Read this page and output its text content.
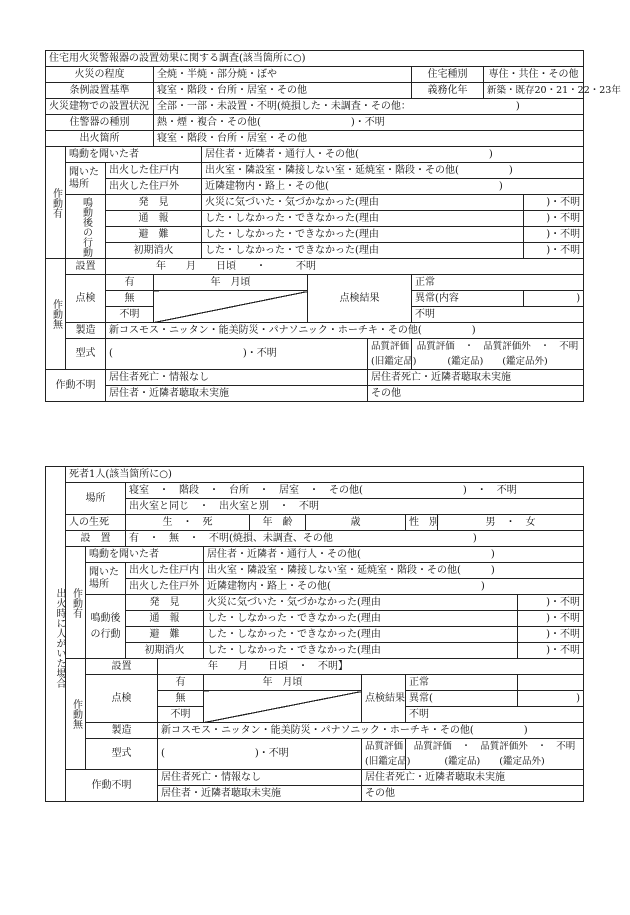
住宅用火災警報器の設置効果に関する調査(該当箇所に○)									
火災の程度			全焼・半焼・部分焼・ぼや				住宅種別	専住・共住・その他	
条例設置基準			寝室・階段・台所・居室・その他				義務化年	新築・既存20・21・22・23年	
火災建物での設置状況			全部・一部・未設置・不明(焼損した・未調査・その他：　　　　　　　　　　　)						
住警器の種別			熱・煙・複合・その他(　　　　　　　　　)・不明						
出火箇所			寝室・階段・台所・居室・その他						
作動有	鳴動を聞いた者			居住者・近隣者・通行人・その他(　　　　　　　　　　　　　)					
	聞いた場所	出火した住戸内		出火室・隣設室・隣接しない室・延焼室・階段・その他(　　　　　)					
		出火した住戸外		近隣建物内・路上・その他(　　　　　　　　　　　　　　　　　)					
	鳴動後の行動	発　見		火災に気づいた・気づかなかった(理由					)・不明
		通　報		した・しなかった・できなかった(理由					)・不明
		避　難		した・しなかった・できなかった(理由					)・不明
		初期消火		した・しなかった・できなかった(理由					)・不明
作動無	設置	年　　月　　日頃　　・　　　不明							
	点検	有	年　月頃		点検結果		正常		
		無					異常(内容		)
		不明					不明		
	製造	新コスモス・ニッタン・能美防災・パナソニック・ホーチキ・その他(　　　　　)							
	型式	(　　　　　　　　　　　　　)・不明				品質評価	品質評価　・　品質評価外　・　不明		
						(旧鑑定品)	(鑑定品)　　(鑑定品外)		
作動不明		居住者死亡・情報なし				居住者死亡・近隣者聴取未実施			
		居住者・近隣者聴取未実施				その他			
出火時に人がいた場合	死者1人(該当箇所に○)										
	場所		寝室　・　階段　・　台所　・　居室　・　その他(　　　　　　　　　　)　・　不明								
			出火室と同じ　・　出火室と別　・　不明								
	人の生死		生　・　死			年　齢	歳		性　別	男　・　女	
	設　置		有　・　無　・　不明(焼損、未調査、その他　　　　　　　　　　　　　　)								
	作動有	鳴動を聞いた者			居住者・近隣者・通行人・その他(　　　　　　　　　　　　　)						
		聞いた場所	出火した住戸内		出火室・隣設室・隣接しない室・延焼室・階段・その他(　　　)						
			出火した住戸外		近隣建物内・路上・その他(　　　　　　　　　　　　　　　)						
		鳴動後の行動	発　見		火災に気づいた・気づかなかった(理由						)・不明
			通　報		した・しなかった・できなかった(理由						)・不明
			避　難		した・しなかった・できなかった(理由						)・不明
			初期消火		した・しなかった・できなかった(理由						)・不明
	作動無	設置		年　　月　　日頃　・　不明】							
		点検		有	年　月頃			点検結果	正常		
				無					異常(		)
				不明					不明		
		製造		新コスモス・ニッタン・能美防災・パナソニック・ホーチキ・その他(　　　　　)							
		型式		(　　　　　　　　　)・不明				品質評価	品質評価　・　品質評価外　・　不明		
								(旧鑑定品)	(鑑定品)　　(鑑定品外)		
	作動不明			居住者死亡・情報なし				居住者死亡・近隣者聴取未実施			
				居住者・近隣者聴取未実施				その他			
